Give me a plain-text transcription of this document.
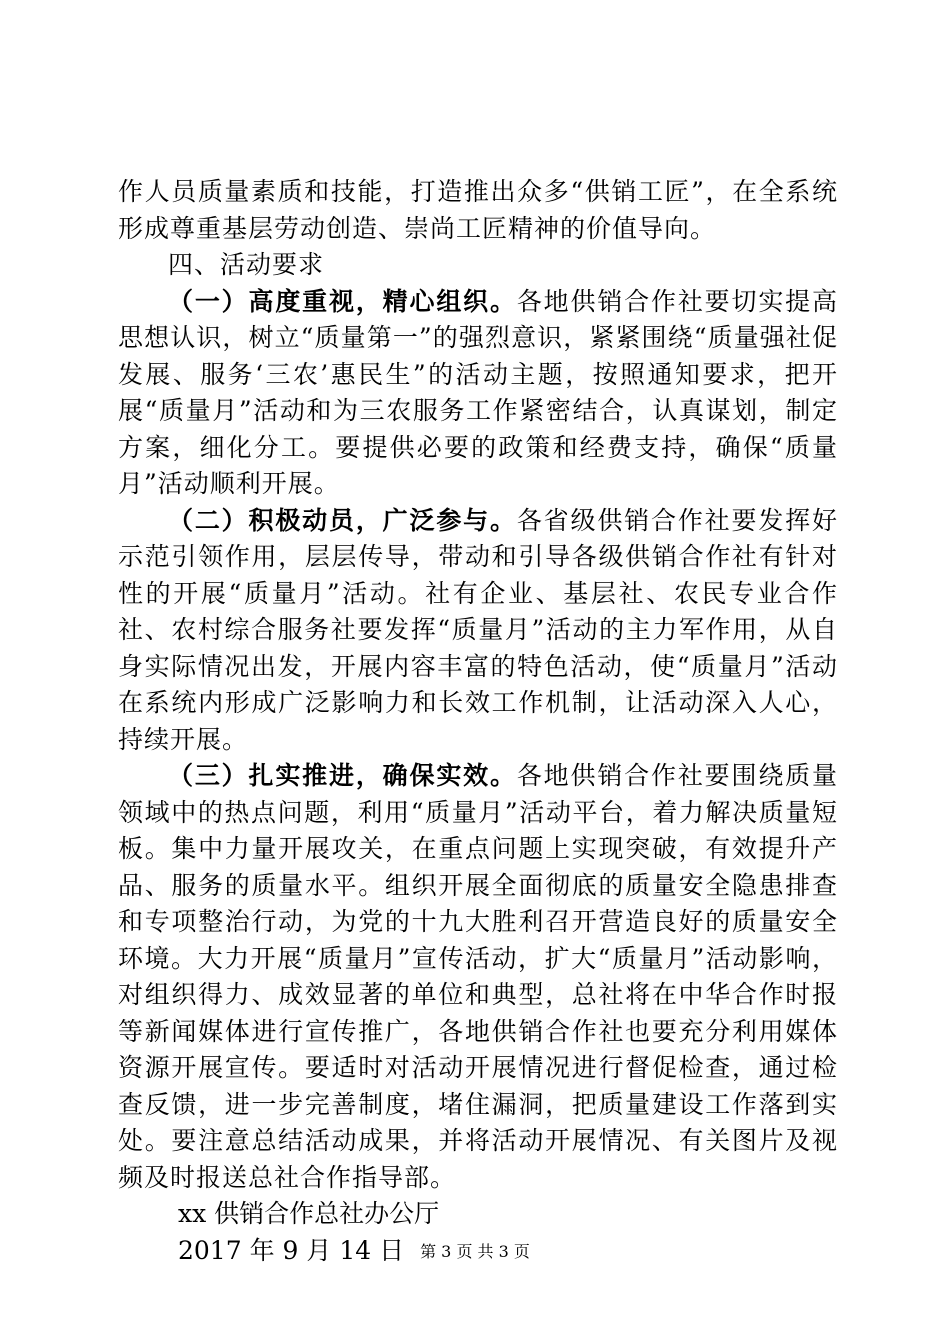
作人员质量素质和技能，打造推出众多“供销工匠”，在全系统形成尊重基层劳动创造、崇尚工匠精神的价值导向。

四、活动要求

（一）高度重视，精心组织。各地供销合作社要切实提高思想认识，树立“质量第一”的强烈意识，紧紧围绕“质量强社促发展、服务‘三农’惠民生”的活动主题，按照通知要求，把开展“质量月”活动和为三农服务工作紧密结合，认真谋划，制定方案，细化分工。要提供必要的政策和经费支持，确保“质量月”活动顺利开展。

（二）积极动员，广泛参与。各省级供销合作社要发挥好示范引领作用，层层传导，带动和引导各级供销合作社有针对性的开展“质量月”活动。社有企业、基层社、农民专业合作社、农村综合服务社要发挥“质量月”活动的主力军作用，从自身实际情况出发，开展内容丰富的特色活动，使“质量月”活动在系统内形成广泛影响力和长效工作机制，让活动深入人心，持续开展。

（三）扎实推进，确保实效。各地供销合作社要围绕质量领域中的热点问题，利用“质量月”活动平台，着力解决质量短板。集中力量开展攻关，在重点问题上实现突破，有效提升产品、服务的质量水平。组织开展全面彻底的质量安全隐患排查和专项整治行动，为党的十九大胜利召开营造良好的质量安全环境。大力开展“质量月”宣传活动，扩大“质量月”活动影响，对组织得力、成效显著的单位和典型，总社将在中华合作时报等新闻媒体进行宣传推广，各地供销合作社也要充分利用媒体资源开展宣传。要适时对活动开展情况进行督促检查，通过检查反馈，进一步完善制度，堵住漏洞，把质量建设工作落到实处。要注意总结活动成果，并将活动开展情况、有关图片及视频及时报送总社合作指导部。

xx 供销合作总社办公厅

2017 年 9 月 14 日	第 3 页 共 3 页
